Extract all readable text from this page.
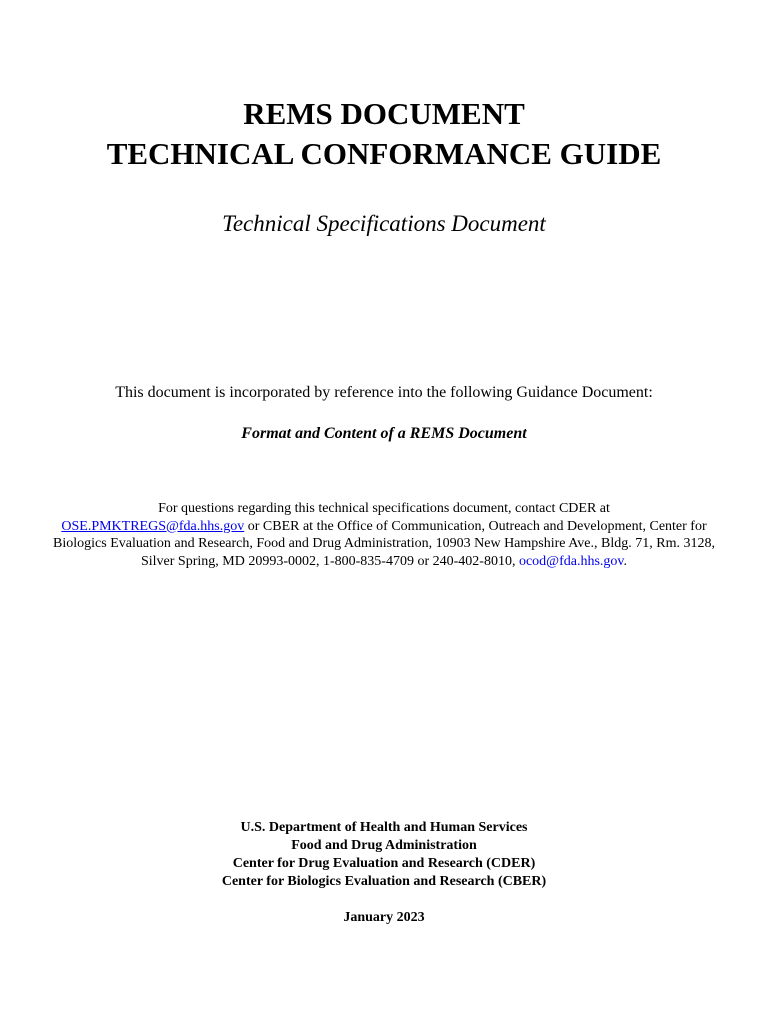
REMS DOCUMENT
TECHNICAL CONFORMANCE GUIDE

Technical Specifications Document

This document is incorporated by reference into the following Guidance Document:

Format and Content of a REMS Document

For questions regarding this technical specifications document, contact CDER at
OSE.PMKTREGS@fda.hhs.gov or CBER at the Office of Communication, Outreach and Development, Center for Biologics Evaluation and Research, Food and Drug Administration, 10903 New Hampshire Ave., Bldg. 71, Rm. 3128, Silver Spring, MD 20993-0002, 1-800-835-4709 or 240-402-8010, ocod@fda.hhs.gov.

U.S. Department of Health and Human Services
Food and Drug Administration
Center for Drug Evaluation and Research (CDER)
Center for Biologics Evaluation and Research (CBER)

January 2023
